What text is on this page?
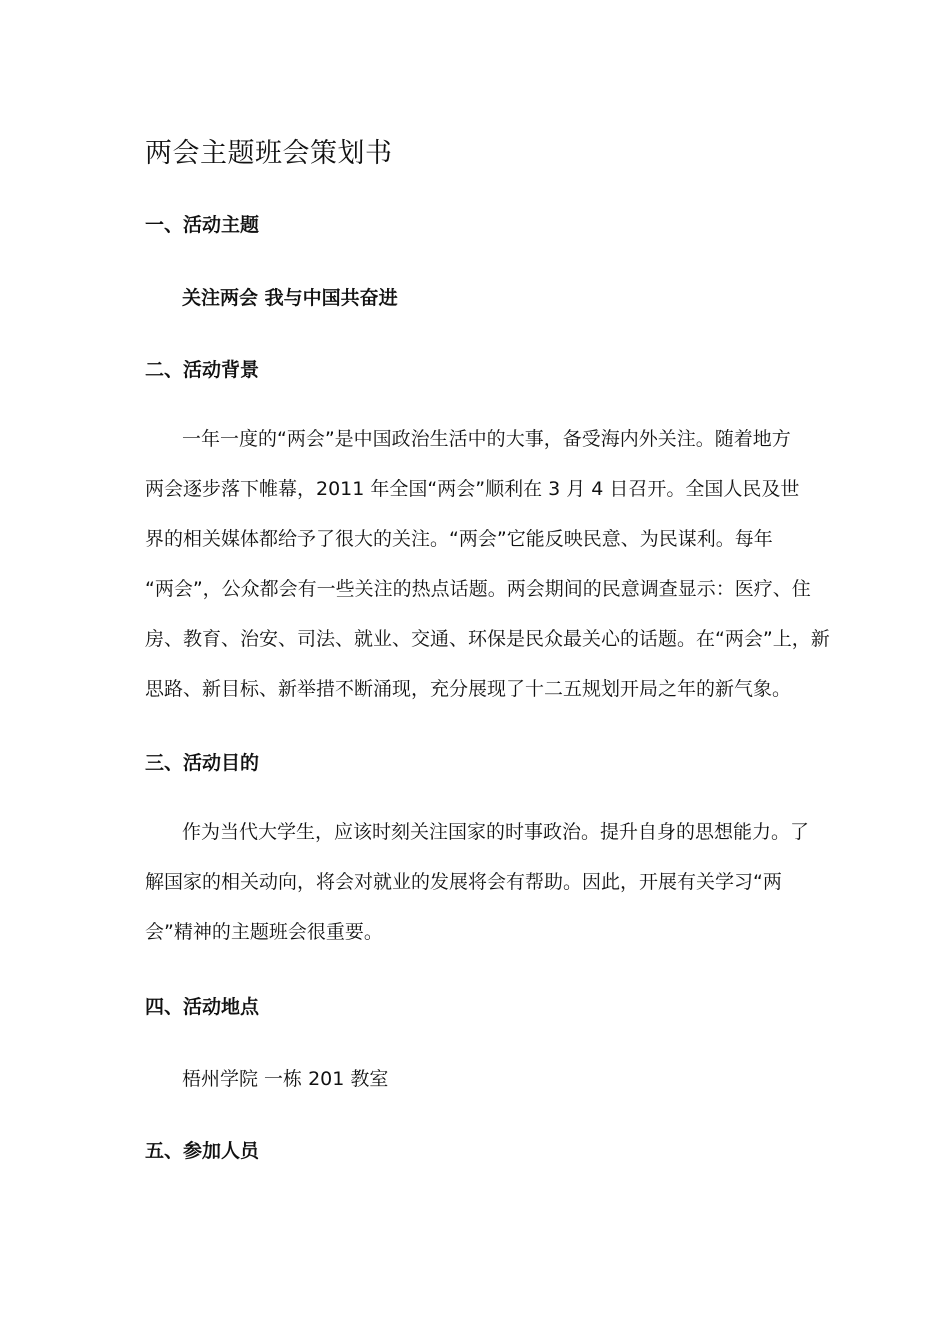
两会主题班会策划书
一、活动主题
关注两会 我与中国共奋进
二、活动背景
一年一度的“两会”是中国政治生活中的大事，备受海内外关注。随着地方
两会逐步落下帷幕，2011 年全国“两会”顺利在 3 月 4 日召开。全国人民及世
界的相关媒体都给予了很大的关注。“两会”它能反映民意、为民谋利。每年
“两会”，公众都会有一些关注的热点话题。两会期间的民意调查显示：医疗、住
房、教育、治安、司法、就业、交通、环保是民众最关心的话题。在“两会”上，新
思路、新目标、新举措不断涌现，充分展现了十二五规划开局之年的新气象。
三、活动目的
作为当代大学生，应该时刻关注国家的时事政治。提升自身的思想能力。了
解国家的相关动向，将会对就业的发展将会有帮助。因此，开展有关学习“两
会”精神的主题班会很重要。
四、活动地点
梧州学院 一栋 201 教室
五、参加人员
